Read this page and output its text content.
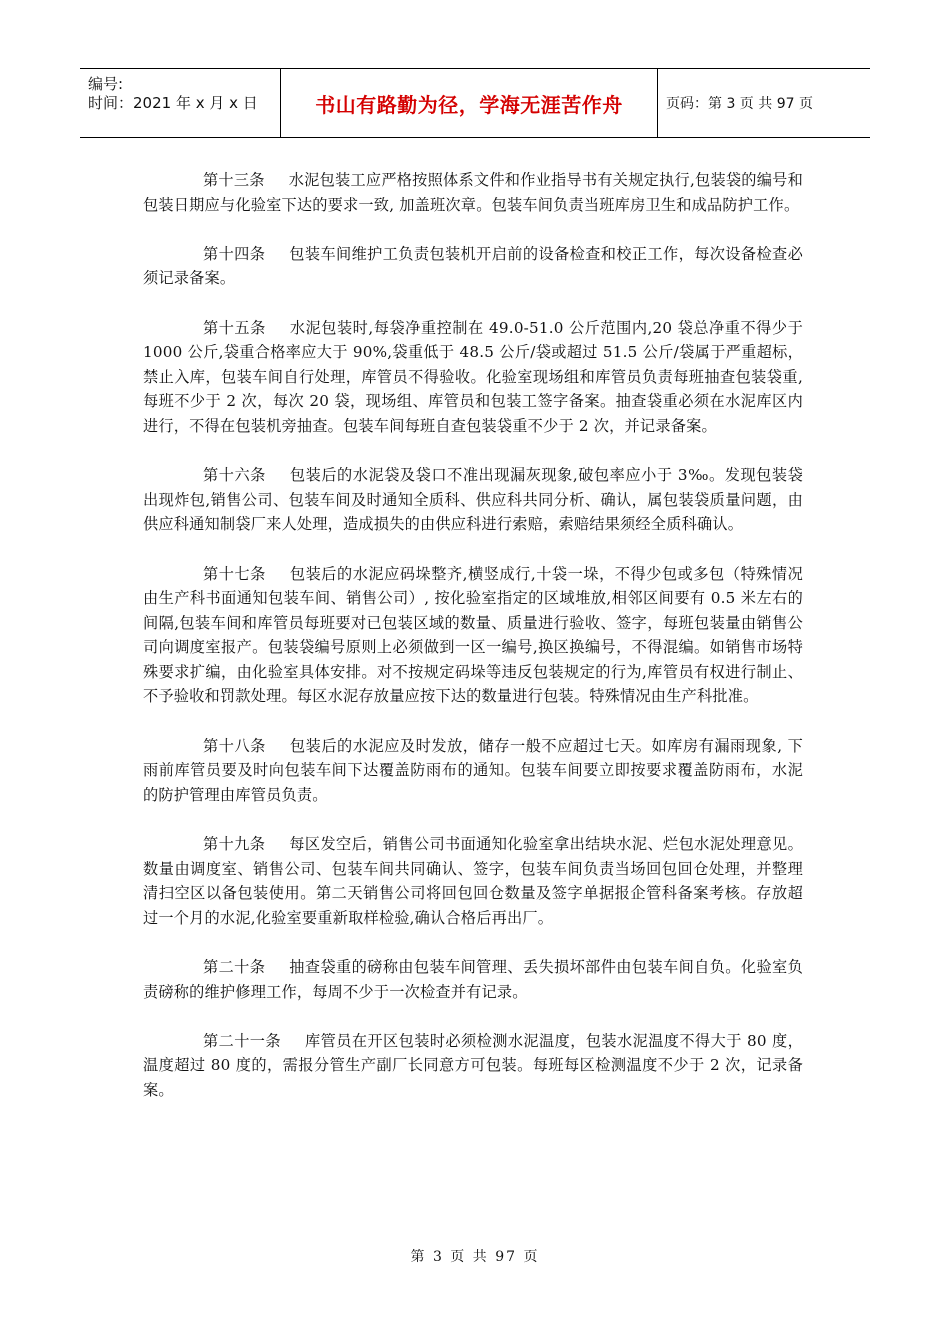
编号:
时间：2021 年 x 月 x 日	书山有路勤为径，学海无涯苦作舟	页码：第 3 页 共 97 页

第十三条 水泥包装工应严格按照体系文件和作业指导书有关规定执行,包装袋的编号和包装日期应与化验室下达的要求一致, 加盖班次章。包装车间负责当班库房卫生和成品防护工作。

第十四条 包装车间维护工负责包装机开启前的设备检查和校正工作，每次设备检查必须记录备案。

第十五条 水泥包装时,每袋净重控制在 49.0-51.0 公斤范围内,20 袋总净重不得少于 1000 公斤,袋重合格率应大于 90%,袋重低于 48.5 公斤/袋或超过 51.5 公斤/袋属于严重超标，禁止入库，包装车间自行处理，库管员不得验收。化验室现场组和库管员负责每班抽查包装袋重,每班不少于 2 次，每次 20 袋，现场组、库管员和包装工签字备案。抽查袋重必须在水泥库区内进行，不得在包装机旁抽查。包装车间每班自查包装袋重不少于 2 次，并记录备案。

第十六条 包装后的水泥袋及袋口不准出现漏灰现象,破包率应小于 3‰。发现包装袋出现炸包,销售公司、包装车间及时通知全质科、供应科共同分析、确认，属包装袋质量问题，由供应科通知制袋厂来人处理，造成损失的由供应科进行索赔，索赔结果须经全质科确认。

第十七条 包装后的水泥应码垛整齐,横竖成行,十袋一垛，不得少包或多包（特殊情况由生产科书面通知包装车间、销售公司）, 按化验室指定的区域堆放,相邻区间要有 0.5 米左右的间隔,包装车间和库管员每班要对已包装区域的数量、质量进行验收、签字，每班包装量由销售公司向调度室报产。包装袋编号原则上必须做到一区一编号,换区换编号，不得混编。如销售市场特殊要求扩编，由化验室具体安排。对不按规定码垛等违反包装规定的行为,库管员有权进行制止、不予验收和罚款处理。每区水泥存放量应按下达的数量进行包装。特殊情况由生产科批准。

第十八条 包装后的水泥应及时发放，储存一般不应超过七天。如库房有漏雨现象, 下雨前库管员要及时向包装车间下达覆盖防雨布的通知。包装车间要立即按要求覆盖防雨布，水泥的防护管理由库管员负责。

第十九条 每区发空后，销售公司书面通知化验室拿出结块水泥、烂包水泥处理意见。数量由调度室、销售公司、包装车间共同确认、签字，包装车间负责当场回包回仓处理，并整理清扫空区以备包装使用。第二天销售公司将回包回仓数量及签字单据报企管科备案考核。存放超过一个月的水泥,化验室要重新取样检验,确认合格后再出厂。

第二十条 抽查袋重的磅称由包装车间管理、丢失损坏部件由包装车间自负。化验室负责磅称的维护修理工作，每周不少于一次检查并有记录。

第二十一条 库管员在开区包装时必须检测水泥温度，包装水泥温度不得大于 80 度，温度超过 80 度的，需报分管生产副厂长同意方可包装。每班每区检测温度不少于 2 次，记录备案。

第 3 页 共 97 页
